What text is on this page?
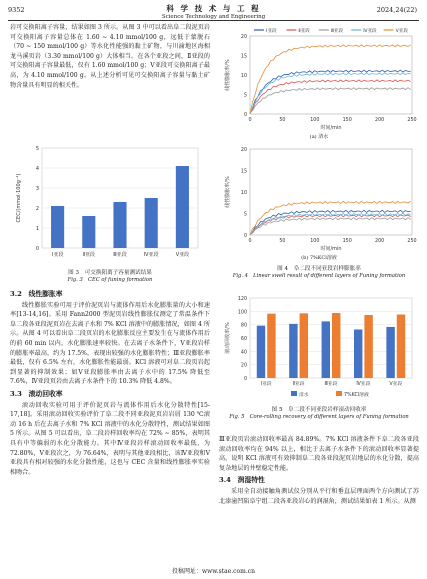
9352	科 学 技 术 与 工 程
Science Technology and Engineering
2024,24(22)

岩可交换阳离子容量，结果如图 3 所示。从图 3 中可以看出阜二段泥页岩可交换阳离子容量总体在 1.60 ~ 4.10 mmol/100 g，远低于蒙脱石（70 ~ 150 mmol/100 g）等水化性能强的黏土矿物，与川渝地区海相龙马溪页岩（3.30 mmol/100 g）大体相当。在各个亚段之间，Ⅱ亚段的可交换阳离子容量最低，仅有 1.60 mmol/100 g；Ⅴ亚段可交换阳离子最高，为 4.10 mmol/100 g。从上述分析可见可交换阳离子容量与黏土矿物含量具有明显的相关性。

0
1
2
3
4
5
Ⅰ亚段	Ⅱ亚段	Ⅲ亚段	Ⅳ亚段	Ⅴ亚段
CEC/(mmol·100g⁻¹)
图 3　可交换阳离子容量测试结果
Fig. 3　CEC of funing formation
3.2　线性膨胀率

线性膨胀实验可用于评价泥页岩与流体作用后水化膨胀量的大小和速率[13-14,16]。采用 Fann2000 型泥页岩线性膨胀仪测定了常温条件下阜二段各亚段泥页岩在去离子水和 7% KCl 溶液中的膨胀情况，如图 4 所示。从图 4 可以看出阜二段页岩的水化膨胀反应主要发生在与流体作用后的前 60 min 以内，水化膨胀速率较快。在去离子水条件下，Ⅴ亚段岩样的膨胀率最高，约为 17.5%，表现出较强的水化膨胀特性；Ⅲ亚段膨胀率最低，仅有 6.5% 左右，水化膨胀性能最弱。KCl 溶液可对阜二段页岩起到显著的抑制效果；如Ⅴ亚段膨胀率由去离子水中的 17.5% 降低至 7.6%，Ⅳ亚段页岩由去离子水条件下的 10.3% 降低 4.8%。

3.3　滚动回收率

滚动回收实验可用于评价泥页岩与流体作用后水化分散特性[15-17,18]。采用滚动回收实验评价了阜二段不同亚段泥页岩岩屑 130 ℃滚动 16 h 后在去离子水和 7% KCl 溶液中的水化分散特性，测试结果如图 5 所示。从图 5 可以看出，阜二段岩样回收率均在 72% ~ 85%，表明其具有中等偏弱的水化分散能力。其中Ⅳ亚段岩样滚动回收率最低，为 72.80%，Ⅴ亚段次之，为 76.64%，表明与其他亚段相比，该Ⅳ亚段和Ⅴ亚段具有相对较强的水化分散性能，这也与 CEC 含量和线性膨胀率实验相吻合。

0
5
10
15
20
0	50	100	150	200	250
时间/min
线性膨胀率/%
Ⅰ亚段	Ⅱ亚段	Ⅲ亚段	Ⅳ亚段	Ⅴ亚段
(a) 清水
0
5
10
15
20
0	50	100	150	200	250
时间/min
线性膨胀率/%
(b) 7%KCl溶液
图 4　阜二段不同亚段岩样膨胀率
Fig. 4　Linear swell result of different layers of Funing formation
0
20
40
60
80
100
120
Ⅰ亚段	Ⅱ亚段	Ⅲ亚段	Ⅳ亚段	Ⅴ亚段
滚动回收率/%
清水	7%KCl溶液
图 5　阜二段不同亚段岩样滚动回收率
Fig. 5　Core-rolling recovery of different layers of Funing formation

Ⅲ亚段页岩滚动回收率最高 84.89%。7% KCl 溶液条件下阜二段各亚段滚动回收率均在 94% 以上，相比于去离子水条件下的滚动回收率显著提高，说明 KCl 溶液可有效抑制阜二段各亚段泥页岩地层的水化分散，提高复杂地层的井壁稳定性能。

3.4　润湿特性

采用全自动接触角测试仪分别从平行和垂直层理面两个方向测试了苏北溱潼凹陷阜宁组二段各亚段岩心的润湿角，测试结果如表 1 所示。从测

投稿网址：www.stae.com.cn
